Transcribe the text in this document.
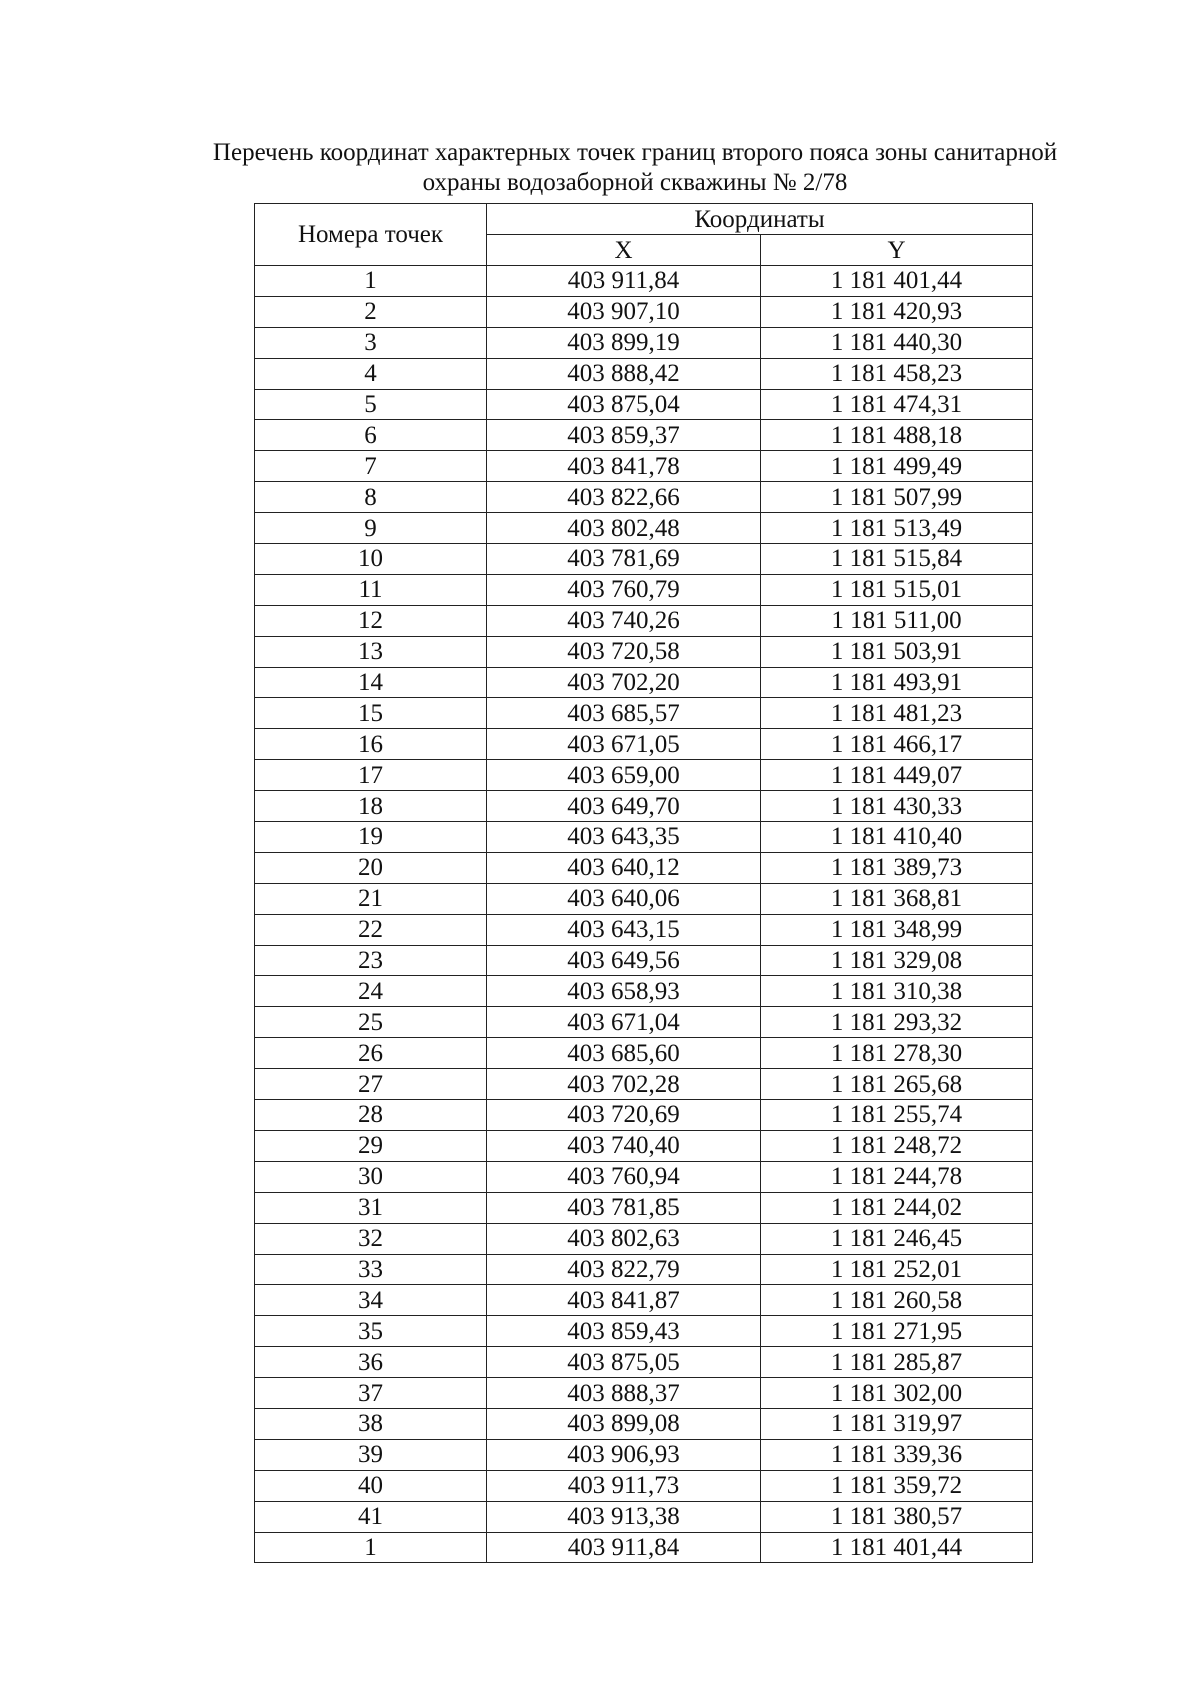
Перечень координат характерных точек границ второго пояса зоны санитарной
охраны водозаборной скважины № 2/78
Номера точек	Координаты	
	X	Y
1	403 911,84	1 181 401,44
2	403 907,10	1 181 420,93
3	403 899,19	1 181 440,30
4	403 888,42	1 181 458,23
5	403 875,04	1 181 474,31
6	403 859,37	1 181 488,18
7	403 841,78	1 181 499,49
8	403 822,66	1 181 507,99
9	403 802,48	1 181 513,49
10	403 781,69	1 181 515,84
11	403 760,79	1 181 515,01
12	403 740,26	1 181 511,00
13	403 720,58	1 181 503,91
14	403 702,20	1 181 493,91
15	403 685,57	1 181 481,23
16	403 671,05	1 181 466,17
17	403 659,00	1 181 449,07
18	403 649,70	1 181 430,33
19	403 643,35	1 181 410,40
20	403 640,12	1 181 389,73
21	403 640,06	1 181 368,81
22	403 643,15	1 181 348,99
23	403 649,56	1 181 329,08
24	403 658,93	1 181 310,38
25	403 671,04	1 181 293,32
26	403 685,60	1 181 278,30
27	403 702,28	1 181 265,68
28	403 720,69	1 181 255,74
29	403 740,40	1 181 248,72
30	403 760,94	1 181 244,78
31	403 781,85	1 181 244,02
32	403 802,63	1 181 246,45
33	403 822,79	1 181 252,01
34	403 841,87	1 181 260,58
35	403 859,43	1 181 271,95
36	403 875,05	1 181 285,87
37	403 888,37	1 181 302,00
38	403 899,08	1 181 319,97
39	403 906,93	1 181 339,36
40	403 911,73	1 181 359,72
41	403 913,38	1 181 380,57
1	403 911,84	1 181 401,44
